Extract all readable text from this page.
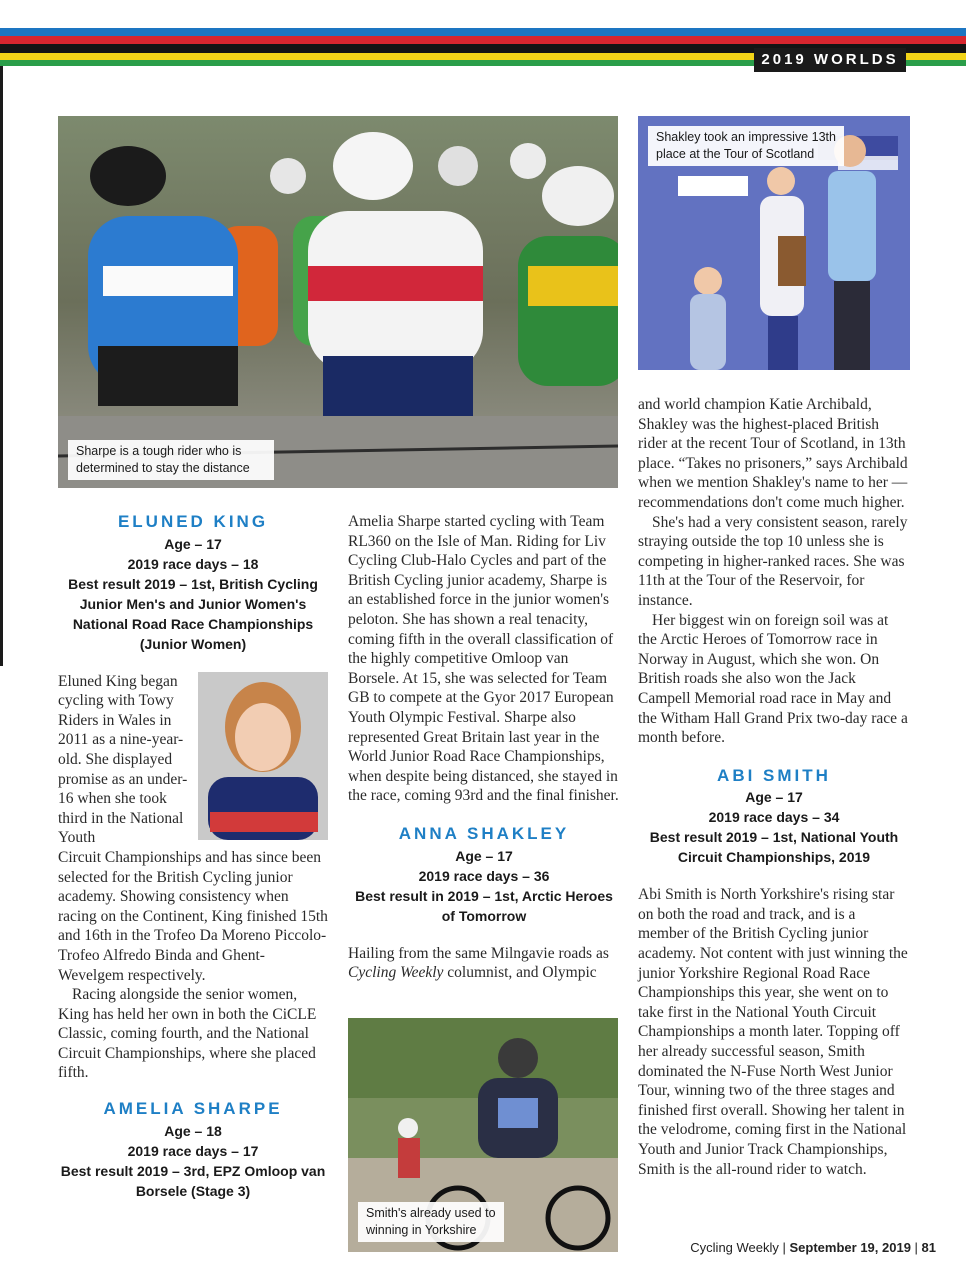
2019 WORLDS
Sharpe is a tough rider who is determined to stay the distance
Shakley took an impressive 13th place at the Tour of Scotland
Smith's already used to winning in Yorkshire
ELUNED KING
Age – 17
2019 race days – 18
Best result 2019 – 1st, British Cycling Junior Men's and Junior Women's National Road Race Championships (Junior Women)

Eluned King began cycling with Towy Riders in Wales in 2011 as a nine-year-old. She displayed promise as an under-16 when she took third in the National Youth

Circuit Championships and has since been selected for the British Cycling junior academy. Showing consistency when racing on the Continent, King finished 15th and 16th in the Trofeo Da Moreno Piccolo-Trofeo Alfredo Binda and Ghent-Wevelgem respectively.

Racing alongside the senior women, King has held her own in both the CiCLE Classic, coming fourth, and the National Circuit Championships, where she placed fifth.

AMELIA SHARPE
Age – 18
2019 race days – 17
Best result 2019 – 3rd, EPZ Omloop van Borsele (Stage 3)

Amelia Sharpe started cycling with Team RL360 on the Isle of Man. Riding for Liv Cycling Club-Halo Cycles and part of the British Cycling junior academy, Sharpe is an established force in the junior women's peloton. She has shown a real tenacity, coming fifth in the overall classification of the highly competitive Omloop van Borsele. At 15, she was selected for Team GB to compete at the Gyor 2017 European Youth Olympic Festival. Sharpe also represented Great Britain last year in the World Junior Road Race Championships, when despite being distanced, she stayed in the race, coming 93rd and the final finisher.

ANNA SHAKLEY
Age – 17
2019 race days – 36
Best result in 2019 – 1st, Arctic Heroes of Tomorrow

Hailing from the same Milngavie roads as Cycling Weekly columnist, and Olympic

and world champion Katie Archibald, Shakley was the highest-placed British rider at the recent Tour of Scotland, in 13th place. “Takes no prisoners,” says Archibald when we mention Shakley's name to her — recommendations don't come much higher.

She's had a very consistent season, rarely straying outside the top 10 unless she is competing in higher-ranked races. She was 11th at the Tour of the Reservoir, for instance.

Her biggest win on foreign soil was at the Arctic Heroes of Tomorrow race in Norway in August, which she won. On British roads she also won the Jack Campell Memorial road race in May and the Witham Hall Grand Prix two-day race a month before.

ABI SMITH
Age – 17
2019 race days – 34
Best result 2019 – 1st, National Youth Circuit Championships, 2019

Abi Smith is North Yorkshire's rising star on both the road and track, and is a member of the British Cycling junior academy. Not content with just winning the junior Yorkshire Regional Road Race Championships this year, she went on to take first in the National Youth Circuit Championships a month later. Topping off her already successful season, Smith dominated the N-Fuse North West Junior Tour, winning two of the three stages and finished first overall. Showing her talent in the velodrome, coming first in the National Youth and Junior Track Championships, Smith is the all-round rider to watch.

Cycling Weekly | September 19, 2019 | 81
